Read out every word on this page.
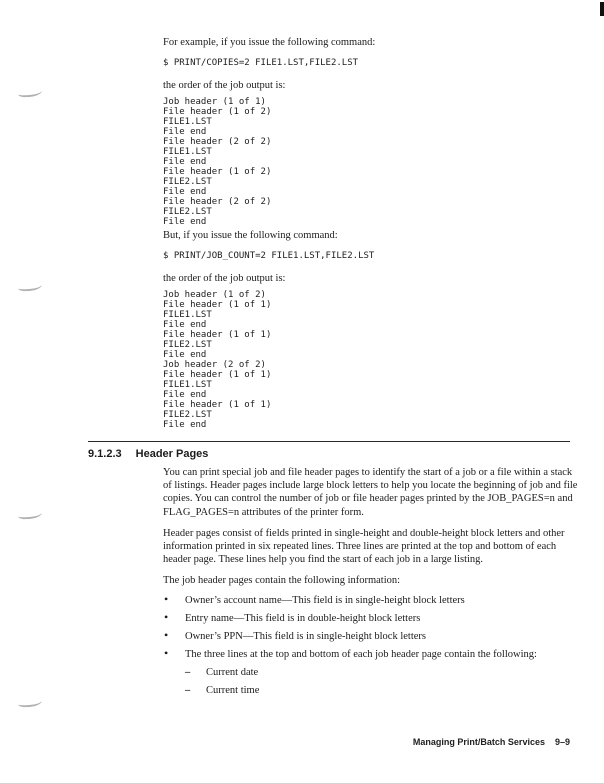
For example, if you issue the following command:

$ PRINT/COPIES=2 FILE1.LST,FILE2.LST

the order of the job output is:

Job header (1 of 1)
File header (1 of 2)
FILE1.LST
File end
File header (2 of 2)
FILE1.LST
File end
File header (1 of 2)
FILE2.LST
File end
File header (2 of 2)
FILE2.LST
File end

But, if you issue the following command:

$ PRINT/JOB_COUNT=2 FILE1.LST,FILE2.LST

the order of the job output is:

Job header (1 of 2)
File header (1 of 1)
FILE1.LST
File end
File header (1 of 1)
FILE2.LST
File end
Job header (2 of 2)
File header (1 of 1)
FILE1.LST
File end
File header (1 of 1)
FILE2.LST
File end
9.1.2.3 Header Pages

You can print special job and file header pages to identify the start of a job or a file within a stack of listings. Header pages include large block letters to help you locate the beginning of job and file copies. You can control the number of job or file header pages printed by the JOB_PAGES=n and FLAG_PAGES=n attributes of the printer form.

Header pages consist of fields printed in single-height and double-height block letters and other information printed in six repeated lines. Three lines are printed at the top and bottom of each header page. These lines help you find the start of each job in a large listing.

The job header pages contain the following information:

• Owner’s account name—This field is in single-height block letters
• Entry name—This field is in double-height block letters
• Owner’s PPN—This field is in single-height block letters
• The three lines at the top and bottom of each job header page contain the following:
– Current date
– Current time
Managing Print/Batch Services 9–9
